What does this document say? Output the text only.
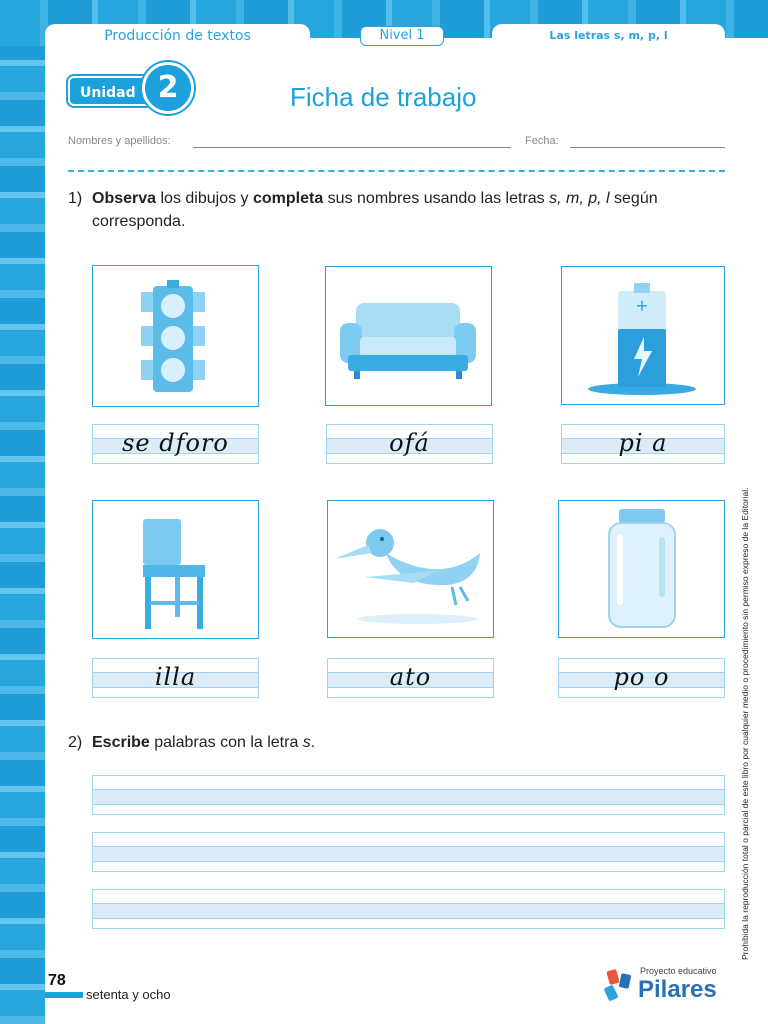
Producción de textos	Nivel 1	Las letras s, m, p, l
Unidad 2	Ficha de trabajo
Nombres y apellidos:	Fecha:
1) Observa los dibujos y completa sus nombres usando las letras s, m, p, l según
corresponda.
+
se dforo	ofá	pi a
illa	ato	po o
2) Escribe palabras con la letra s.	Prohibida la reproducción total o parcial de este libro por cualquier medio o procedimiento sin permiso expreso de la Editorial.
78
setenta y ocho
Proyecto educativo
Pilares
